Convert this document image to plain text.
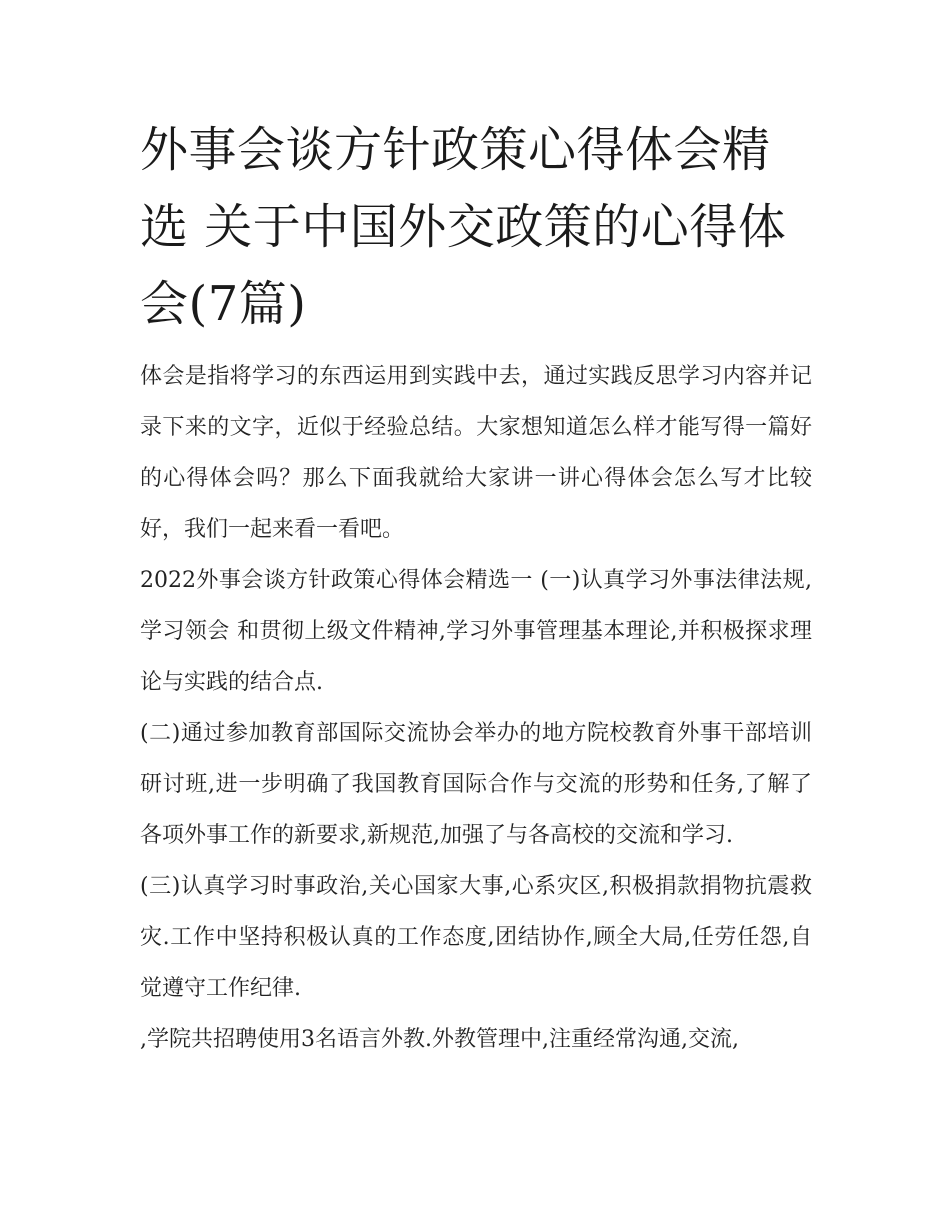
外事会谈方针政策心得体会精选 关于中国外交政策的心得体会(7篇)

体会是指将学习的东西运用到实践中去，通过实践反思学习内容并记录下来的文字，近似于经验总结。大家想知道怎么样才能写得一篇好的心得体会吗？那么下面我就给大家讲一讲心得体会怎么写才比较好，我们一起来看一看吧。

2022外事会谈方针政策心得体会精选一 (一)认真学习外事法律法规,学习领会 和贯彻上级文件精神,学习外事管理基本理论,并积极探求理论与实践的结合点.

(二)通过参加教育部国际交流协会举办的地方院校教育外事干部培训研讨班,进一步明确了我国教育国际合作与交流的形势和任务,了解了各项外事工作的新要求,新规范,加强了与各高校的交流和学习.

(三)认真学习时事政治,关心国家大事,心系灾区,积极捐款捐物抗震救灾.工作中坚持积极认真的工作态度,团结协作,顾全大局,任劳任怨,自觉遵守工作纪律.

,学院共招聘使用3名语言外教.外教管理中,注重经常沟通,交流,
